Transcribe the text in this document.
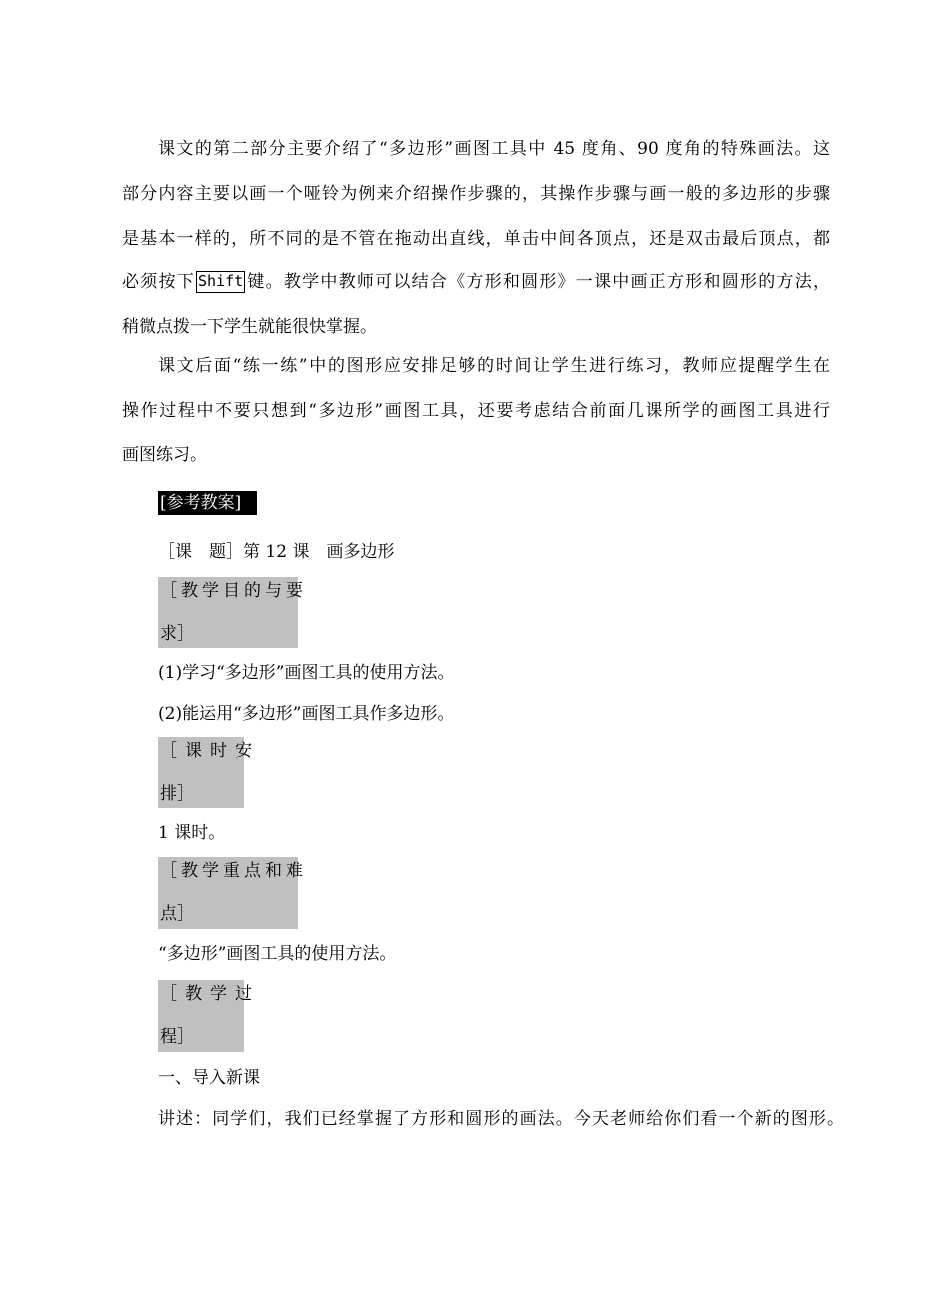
课文的第二部分主要介绍了“多边形”画图工具中 45 度角、90 度角的特殊画法。这
部分内容主要以画一个哑铃为例来介绍操作步骤的，其操作步骤与画一般的多边形的步骤
是基本一样的，所不同的是不管在拖动出直线，单击中间各顶点，还是双击最后顶点，都
必须按下 Shift 键。教学中教师可以结合《方形和圆形》一课中画正方形和圆形的方法，
稍微点拨一下学生就能很快掌握。
课文后面“练一练”中的图形应安排足够的时间让学生进行练习，教师应提醒学生在
操作过程中不要只想到“多边形”画图工具，还要考虑结合前面几课所学的画图工具进行
画图练习。
[参考教案]
［课　题］第 12 课　画多边形
［教学目的与要
求］
(1)学习“多边形”画图工具的使用方法。
(2)能运用“多边形”画图工具作多边形。
［课时安
排］
1 课时。
［教学重点和难
点］
“多边形”画图工具的使用方法。
［教学过
程］
一、导入新课
讲述：同学们，我们已经掌握了方形和圆形的画法。今天老师给你们看一个新的图形。
